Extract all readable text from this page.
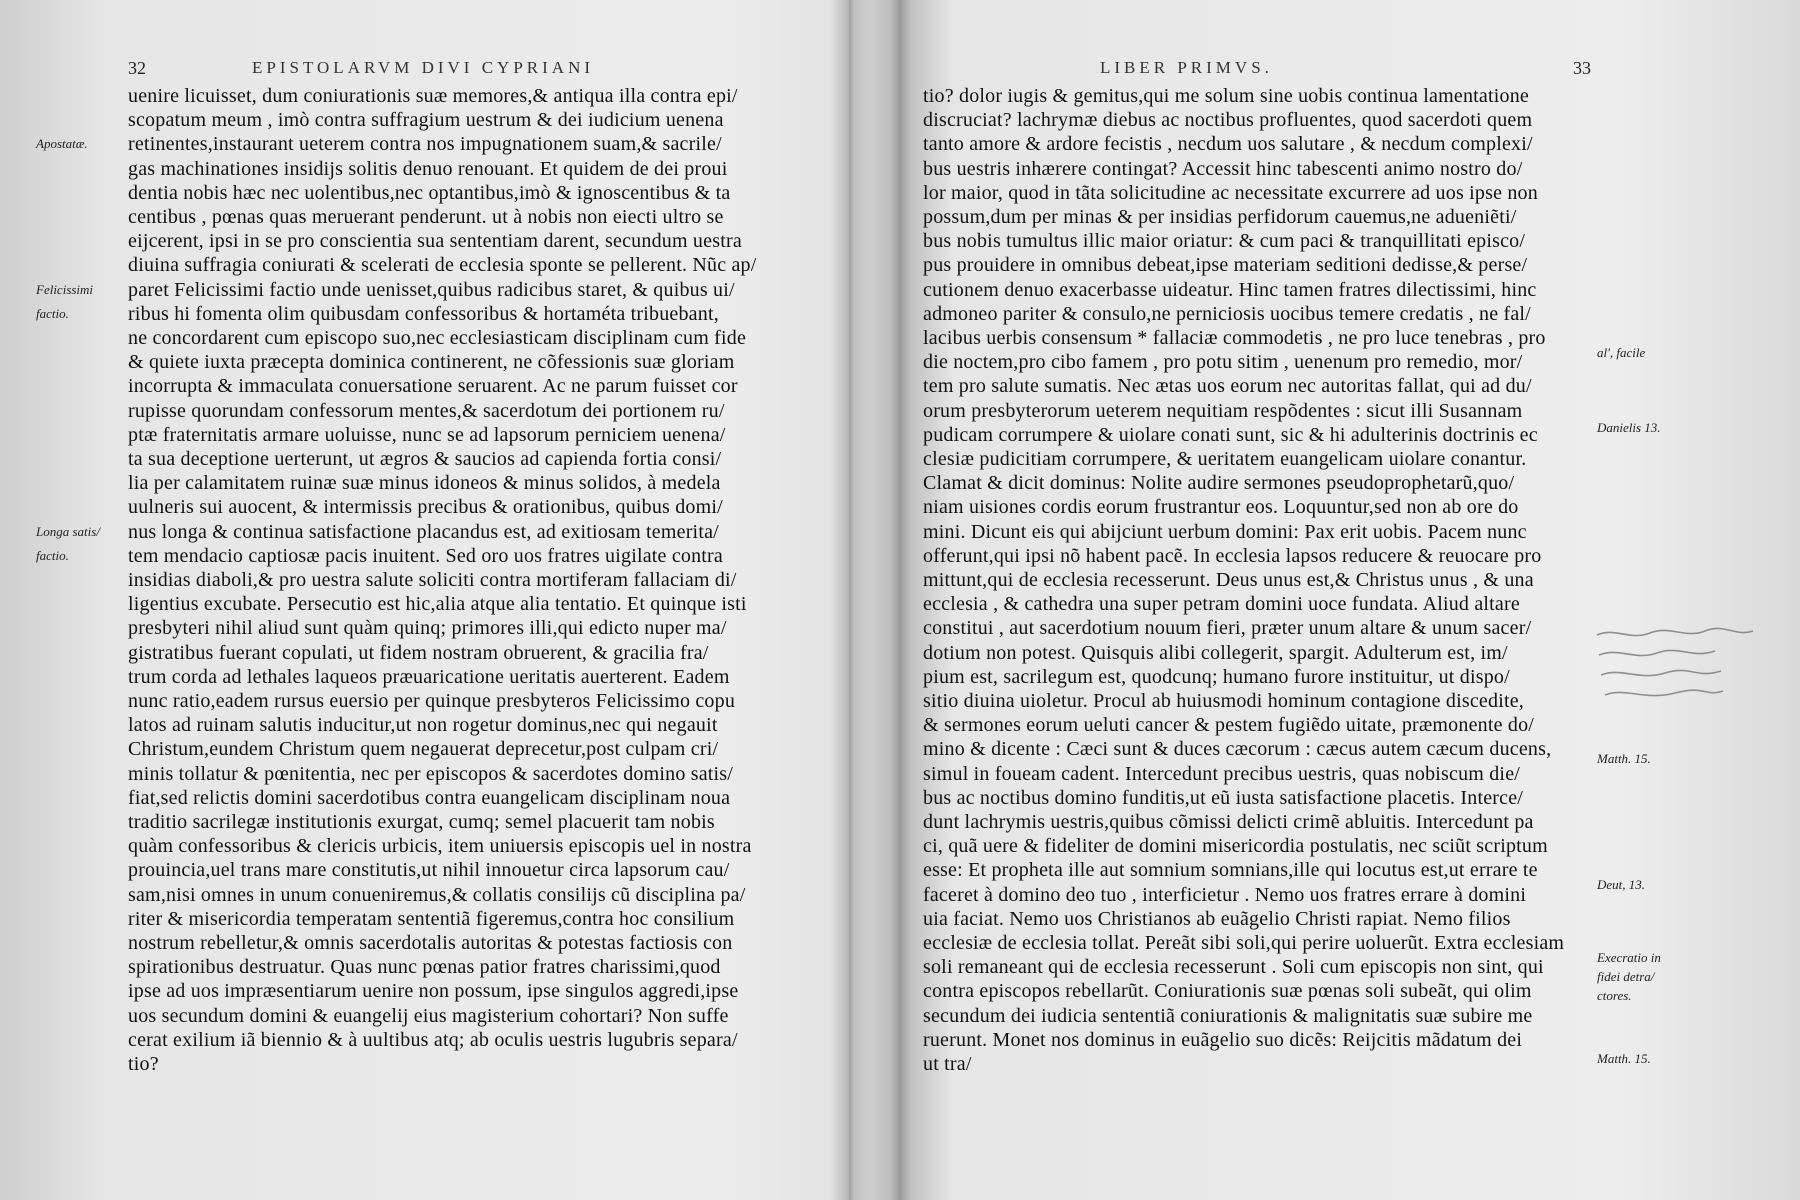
32	EPISTOLARVM DIVI CYPRIANI
uenire licuisset, dum coniurationis suæ memores,& antiqua illa contra epi/
scopatum meum , imò contra suffragium uestrum & dei iudicium uenena
retinentes,instaurant ueterem contra nos impugnationem suam,& sacrile/
gas machinationes insidijs solitis denuo renouant. Et quidem de dei proui
dentia nobis hæc nec uolentibus,nec optantibus,imò & ignoscentibus & ta
centibus , pœnas quas meruerant penderunt. ut à nobis non eiecti ultro se
eijcerent, ipsi in se pro conscientia sua sententiam darent, secundum uestra
diuina suffragia coniurati & scelerati de ecclesia sponte se pellerent. Nũc ap/
paret Felicissimi factio unde uenisset,quibus radicibus staret, & quibus ui/
ribus hi fomenta olim quibusdam confessoribus & hortaméta tribuebant,
ne concordarent cum episcopo suo,nec ecclesiasticam disciplinam cum fide
& quiete iuxta præcepta dominica continerent, ne cõfessionis suæ gloriam
incorrupta & immaculata conuersatione seruarent. Ac ne parum fuisset cor
rupisse quorundam confessorum mentes,& sacerdotum dei portionem ru/
ptæ fraternitatis armare uoluisse, nunc se ad lapsorum perniciem uenena/
ta sua deceptione uerterunt, ut ægros & saucios ad capienda fortia consi/
lia per calamitatem ruinæ suæ minus idoneos & minus solidos, à medela
uulneris sui auocent, & intermissis precibus & orationibus, quibus domi/
nus longa & continua satisfactione placandus est, ad exitiosam temerita/
tem mendacio captiosæ pacis inuitent. Sed oro uos fratres uigilate contra
insidias diaboli,& pro uestra salute soliciti contra mortiferam fallaciam di/
ligentius excubate. Persecutio est hic,alia atque alia tentatio. Et quinque isti
presbyteri nihil aliud sunt quàm quinq; primores illi,qui edicto nuper ma/
gistratibus fuerant copulati, ut fidem nostram obruerent, & gracilia fra/
trum corda ad lethales laqueos præuaricatione ueritatis auerterent. Eadem
nunc ratio,eadem rursus euersio per quinque presbyteros Felicissimo copu
latos ad ruinam salutis inducitur,ut non rogetur dominus,nec qui negauit
Christum,eundem Christum quem negauerat deprecetur,post culpam cri/
minis tollatur & pœnitentia, nec per episcopos & sacerdotes domino satis/
fiat,sed relictis domini sacerdotibus contra euangelicam disciplinam noua
traditio sacrilegæ institutionis exurgat, cumq; semel placuerit tam nobis
quàm confessoribus & clericis urbicis, item uniuersis episcopis uel in nostra
prouincia,uel trans mare constitutis,ut nihil innouetur circa lapsorum cau/
sam,nisi omnes in unum conueniremus,& collatis consilijs cũ disciplina pa/
riter & misericordia temperatam sententiã figeremus,contra hoc consilium
nostrum rebelletur,& omnis sacerdotalis autoritas & potestas factiosis con
spirationibus destruatur. Quas nunc pœnas patior fratres charissimi,quod
ipse ad uos impræsentiarum uenire non possum, ipse singulos aggredi,ipse
uos secundum domini & euangelij eius magisterium cohortari? Non suffe
cerat exilium iã biennio & à uultibus atq; ab oculis uestris lugubris separa/
tio?
Apostatæ.
Felicissimi
factio.
Longa satis/
factio.
LIBER PRIMVS.	33
tio? dolor iugis & gemitus,qui me solum sine uobis continua lamentatione
discruciat? lachrymæ diebus ac noctibus profluentes, quod sacerdoti quem
tanto amore & ardore fecistis , necdum uos salutare , & necdum complexi/
bus uestris inhærere contingat? Accessit hinc tabescenti animo nostro do/
lor maior, quod in tãta solicitudine ac necessitate excurrere ad uos ipse non
possum,dum per minas & per insidias perfidorum cauemus,ne adueniẽti/
bus nobis tumultus illic maior oriatur: & cum paci & tranquillitati episco/
pus prouidere in omnibus debeat,ipse materiam seditioni dedisse,& perse/
cutionem denuo exacerbasse uideatur. Hinc tamen fratres dilectissimi, hinc
admoneo pariter & consulo,ne perniciosis uocibus temere credatis , ne fal/
lacibus uerbis consensum * fallaciæ commodetis , ne pro luce tenebras , pro
die noctem,pro cibo famem , pro potu sitim , uenenum pro remedio, mor/
tem pro salute sumatis. Nec ætas uos eorum nec autoritas fallat, qui ad du/
orum presbyterorum ueterem nequitiam respõdentes : sicut illi Susannam
pudicam corrumpere & uiolare conati sunt, sic & hi adulterinis doctrinis ec
clesiæ pudicitiam corrumpere, & ueritatem euangelicam uiolare conantur.
Clamat & dicit dominus: Nolite audire sermones pseudoprophetarũ,quo/
niam uisiones cordis eorum frustrantur eos. Loquuntur,sed non ab ore do
mini. Dicunt eis qui abijciunt uerbum domini: Pax erit uobis. Pacem nunc
offerunt,qui ipsi nõ habent pacẽ. In ecclesia lapsos reducere & reuocare pro
mittunt,qui de ecclesia recesserunt. Deus unus est,& Christus unus , & una
ecclesia , & cathedra una super petram domini uoce fundata. Aliud altare
constitui , aut sacerdotium nouum fieri, præter unum altare & unum sacer/
dotium non potest. Quisquis alibi collegerit, spargit. Adulterum est, im/
pium est, sacrilegum est, quodcunq; humano furore instituitur, ut dispo/
sitio diuina uioletur. Procul ab huiusmodi hominum contagione discedite,
& sermones eorum ueluti cancer & pestem fugiẽdo uitate, præmonente do/
mino & dicente : Cæci sunt & duces cæcorum : cæcus autem cæcum ducens,
simul in foueam cadent. Intercedunt precibus uestris, quas nobiscum die/
bus ac noctibus domino funditis,ut eũ iusta satisfactione placetis. Interce/
dunt lachrymis uestris,quibus cõmissi delicti crimẽ abluitis. Intercedunt pa
ci, quã uere & fideliter de domini misericordia postulatis, nec sciũt scriptum
esse: Et propheta ille aut somnium somnians,ille qui locutus est,ut errare te
faceret à domino deo tuo , interficietur . Nemo uos fratres errare à domini
uia faciat. Nemo uos Christianos ab euãgelio Christi rapiat. Nemo filios
ecclesiæ de ecclesia tollat. Pereãt sibi soli,qui perire uoluerũt. Extra ecclesiam
soli remaneant qui de ecclesia recesserunt . Soli cum episcopis non sint, qui
contra episcopos rebellarũt. Coniurationis suæ pœnas soli subeãt, qui olim
secundum dei iudicia sententiã coniurationis & malignitatis suæ subire me
ruerunt. Monet nos dominus in euãgelio suo dicẽs: Reijcitis mãdatum dei
ut tra/
al', facile
Danielis 13.
Matth. 15.
Deut, 13.
Execratio in
fidei detra/
ctores.
Matth. 15.
